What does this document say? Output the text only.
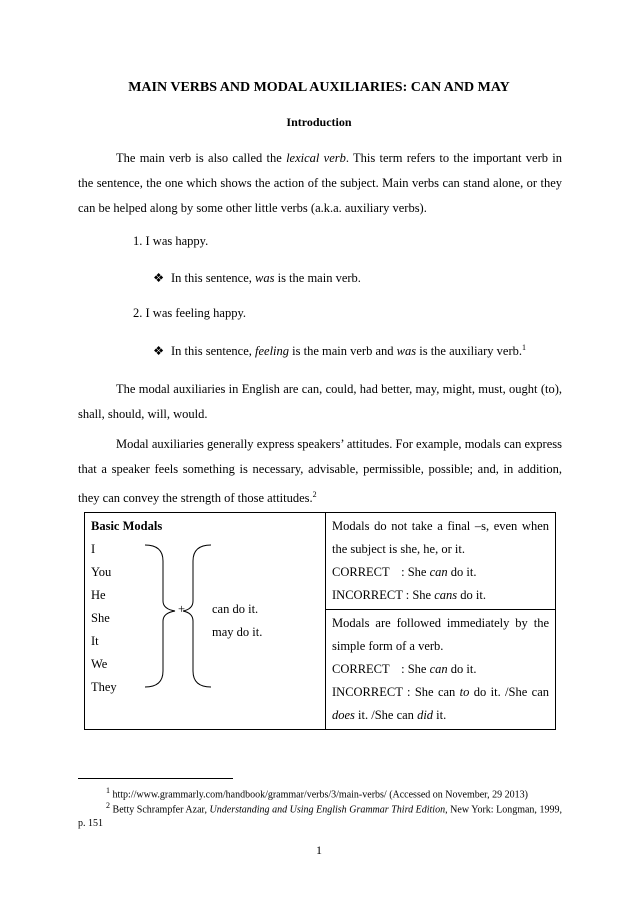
MAIN VERBS AND MODAL AUXILIARIES: CAN AND MAY
Introduction
The main verb is also called the lexical verb. This term refers to the important verb in the sentence, the one which shows the action of the subject. Main verbs can stand alone, or they can be helped along by some other little verbs (a.k.a. auxiliary verbs).
1. I was happy.
❖ In this sentence, was is the main verb.
2. I was feeling happy.
❖ In this sentence, feeling is the main verb and was is the auxiliary verb.$^1$
The modal auxiliaries in English are can, could, had better, may, might, must, ought (to), shall, should, will, would.
Modal auxiliaries generally express speakers’ attitudes. For example, modals can express that a speaker feels something is necessary, advisable, permissible, possible; and, in addition, they can convey the strength of those attitudes.$^2$
Basic Modals
I
You
He
She
It
We
They
+ can do it.
may do it.

Modals do not take a final –s, even when the subject is she, he, or it.
CORRECT : She can do it.
INCORRECT : She cans do it.

Modals are followed immediately by the simple form of a verb.
CORRECT : She can do it.
INCORRECT : She can to do it. /She can does it. /She can did it.
$^1$ http://www.grammarly.com/handbook/grammar/verbs/3/main-verbs/ (Accessed on November, 29 2013)
$^2$ Betty Schrampfer Azar, Understanding and Using English Grammar Third Edition, New York: Longman, 1999, p. 151
1
